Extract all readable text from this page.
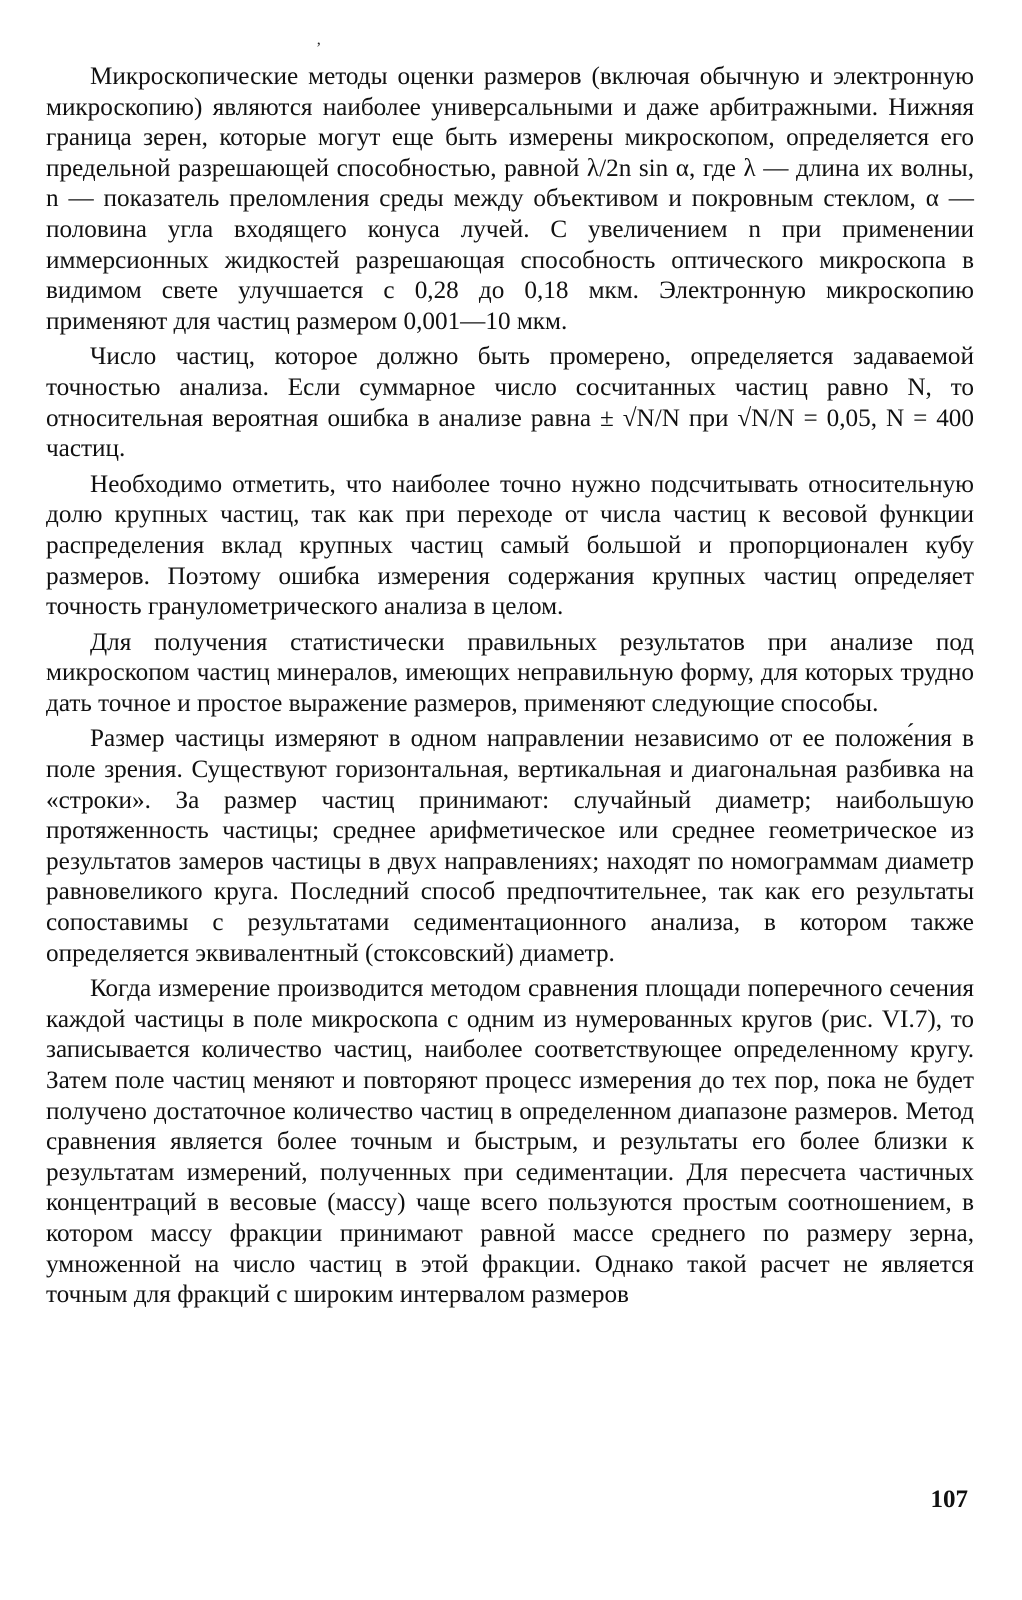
’

Микроскопические методы оценки размеров (включая обычную и электронную микроскопию) являются наиболее универсальными и даже арбитражными. Нижняя граница зерен, которые могут еще быть измерены микроскопом, определяется его предельной разрешающей способностью, равной λ/2n sin α, где λ — длина их волны, n — показатель преломления среды между объективом и покровным стеклом, α — половина угла входящего конуса лучей. С увеличением n при применении иммерсионных жидкостей разрешающая способность оптического микроскопа в видимом свете улучшается с 0,28 до 0,18 мкм. Электронную микроскопию применяют для частиц размером 0,001—10 мкм.

Число частиц, которое должно быть промерено, определяется задаваемой точностью анализа. Если суммарное число сосчитанных частиц равно N, то относительная вероятная ошибка в анализе равна ± √N/N при √N/N = 0,05, N = 400 частиц.

Необходимо отметить, что наиболее точно нужно подсчитывать относительную долю крупных частиц, так как при переходе от числа частиц к весовой функции распределения вклад крупных частиц самый большой и пропорционален кубу размеров. Поэтому ошибка измерения содержания крупных частиц определяет точность гранулометрического анализа в целом.

Для получения статистически правильных результатов при анализе под микроскопом частиц минералов, имеющих неправильную форму, для которых трудно дать точное и простое выражение размеров, применяют следующие способы.

Размер частицы измеряют в одном направлении независимо от ее положе́ния в поле зрения. Существуют горизонтальная, вертикальная и диагональная разбивка на «строки». За размер частиц принимают: случайный диаметр; наибольшую протяженность частицы; среднее арифметическое или среднее геометрическое из результатов замеров частицы в двух направлениях; находят по номограммам диаметр равновеликого круга. Последний способ предпочтительнее, так как его результаты сопоставимы с результатами седиментационного анализа, в котором также определяется эквивалентный (стоксовский) диаметр.

Когда измерение производится методом сравнения площади поперечного сечения каждой частицы в поле микроскопа с одним из нумерованных кругов (рис. VI.7), то записывается количество частиц, наиболее соответствующее определенному кругу. Затем поле частиц меняют и повторяют процесс измерения до тех пор, пока не будет получено достаточное количество частиц в определенном диапазоне размеров. Метод сравнения является более точным и быстрым, и результаты его более близки к результатам измерений, полученных при седиментации. Для пересчета частичных концентраций в весовые (массу) чаще всего пользуются простым соотношением, в котором массу фракции принимают равной массе среднего по размеру зерна, умноженной на число частиц в этой фракции. Однако такой расчет не является точным для фракций с широким интервалом размеров

107
